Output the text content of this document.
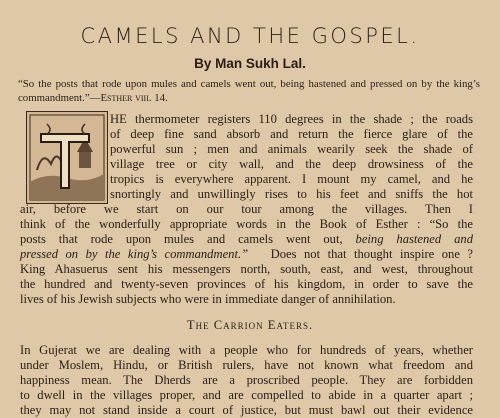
CAMELS AND THE GOSPEL.
By Man Sukh Lal.
“So the posts that rode upon mules and camels went out, being hastened and pressed on by the king’s commandment.”—Esther viii. 14.
HE thermometer registers 110 degrees in the shade ; the roads
of deep fine sand absorb and return the fierce glare of the
powerful sun ; men and animals wearily seek the shade of
village tree or city wall, and the deep drowsiness of the
tropics is everywhere apparent. I mount my camel, and he
snortingly and unwillingly rises to his feet and sniffs the hot
air, before we start on our tour among the villages. Then I
think of the wonderfully appropriate words in the Book of Esther : “So the
posts that rode upon mules and camels went out, being hastened and
pressed on by the king’s commandment.” Does not that thought inspire one ?
King Ahasuerus sent his messengers north, south, east, and west, throughout
the hundred and twenty-seven provinces of his kingdom, in order to save the
lives of his Jewish subjects who were in immediate danger of annihilation.
The Carrion Eaters.
In Gujerat we are dealing with a people who for hundreds of years, whether
under Moslem, Hindu, or British rulers, have not known what freedom and
happiness mean. The Dherds are a proscribed people. They are forbidden
to dwell in the villages proper, and are compelled to abide in a quarter apart ;
they may not stand inside a court of justice, but must bawl out their evidence
